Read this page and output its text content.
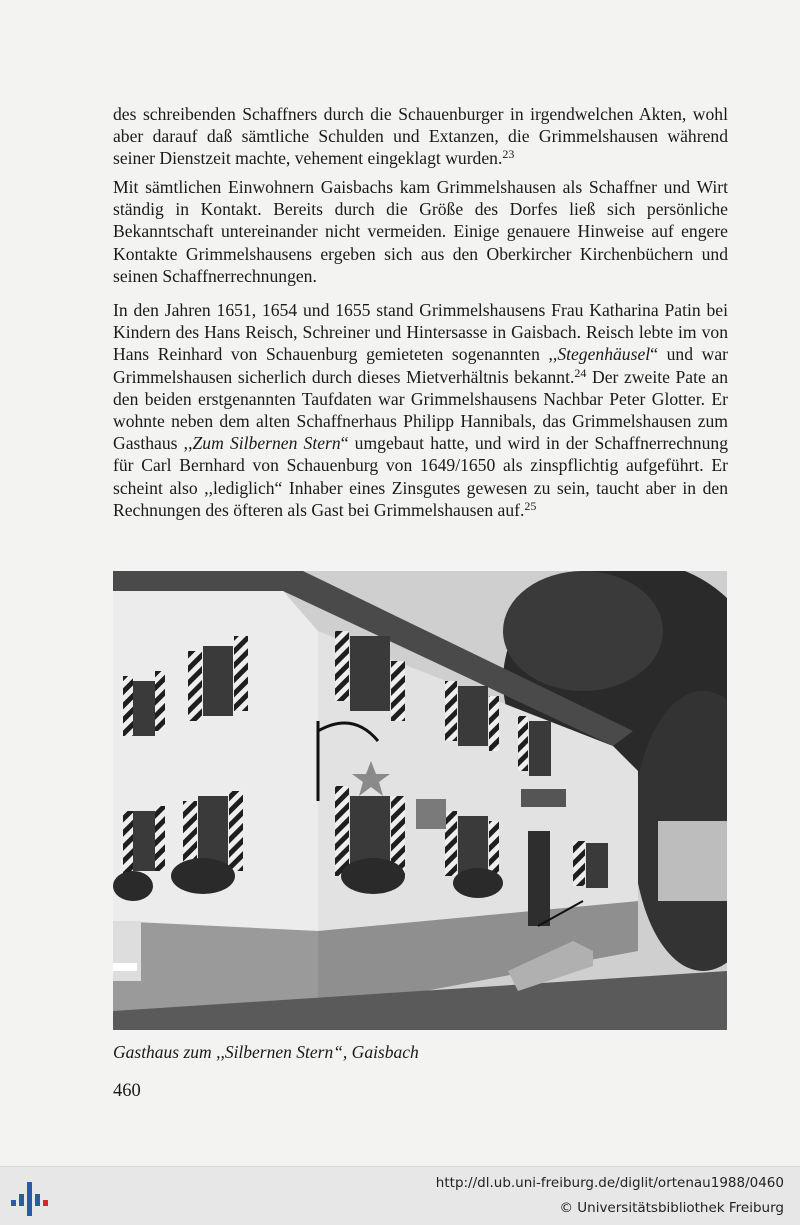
des schreibenden Schaffners durch die Schauenburger in irgendwelchen Akten, wohl aber darauf daß sämtliche Schulden und Extanzen, die Grimmelshausen während seiner Dienstzeit machte, vehement eingeklagt wurden.$^{23}$

Mit sämtlichen Einwohnern Gaisbachs kam Grimmelshausen als Schaffner und Wirt ständig in Kontakt. Bereits durch die Größe des Dorfes ließ sich persönliche Bekanntschaft untereinander nicht vermeiden. Einige genauere Hinweise auf engere Kontakte Grimmelshausens ergeben sich aus den Oberkircher Kirchenbüchern und seinen Schaffnerrechnungen.

In den Jahren 1651, 1654 und 1655 stand Grimmelshausens Frau Katharina Patin bei Kindern des Hans Reisch, Schreiner und Hintersasse in Gaisbach. Reisch lebte im von Hans Reinhard von Schauenburg gemieteten sogenannten ,,Stegenhäusel“ und war Grimmelshausen sicherlich durch dieses Mietverhältnis bekannt.$^{24}$ Der zweite Pate an den beiden erstgenannten Taufdaten war Grimmelshausens Nachbar Peter Glotter. Er wohnte neben dem alten Schaffnerhaus Philipp Hannibals, das Grimmelshausen zum Gasthaus ,,Zum Silbernen Stern“ umgebaut hatte, und wird in der Schaffnerrechnung für Carl Bernhard von Schauenburg von 1649/1650 als zinspflichtig aufgeführt. Er scheint also ,,lediglich“ Inhaber eines Zinsgutes gewesen zu sein, taucht aber in den Rechnungen des öfteren als Gast bei Grimmelshausen auf.$^{25}$

Gasthaus zum ,,Silbernen Stern“, Gaisbach
460
http://dl.ub.uni-freiburg.de/diglit/ortenau1988/0460
© Universitätsbibliothek Freiburg
